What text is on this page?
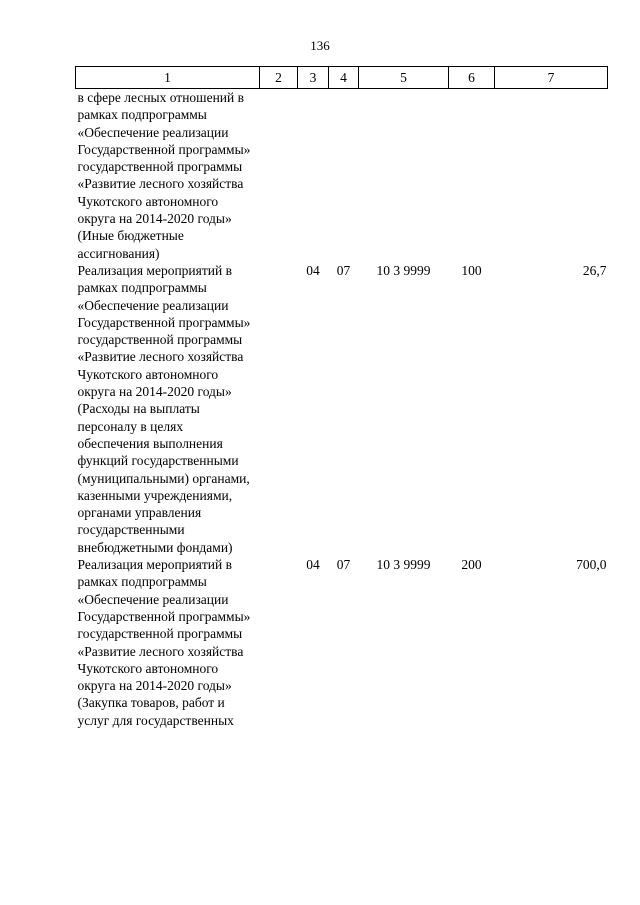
136
1	2	3	4	5	6	7
в сфере лесных отношений в рамках подпрограммы «Обеспечение реализации Государственной программы» государственной программы «Развитие лесного хозяйства Чукотского автономного округа на 2014-2020 годы» (Иные бюджетные ассигнования)						
Реализация мероприятий в рамках подпрограммы «Обеспечение реализации Государственной программы» государственной программы «Развитие лесного хозяйства Чукотского автономного округа на 2014-2020 годы» (Расходы на выплаты персоналу в целях обеспечения выполнения функций государственными (муниципальными) органами, казенными учреждениями, органами управления государственными внебюджетными фондами)		04	07	10 3 9999	100	26,7
Реализация мероприятий в рамках подпрограммы «Обеспечение реализации Государственной программы» государственной программы «Развитие лесного хозяйства Чукотского автономного округа на 2014-2020 годы» (Закупка товаров, работ и услуг для государственных		04	07	10 3 9999	200	700,0
